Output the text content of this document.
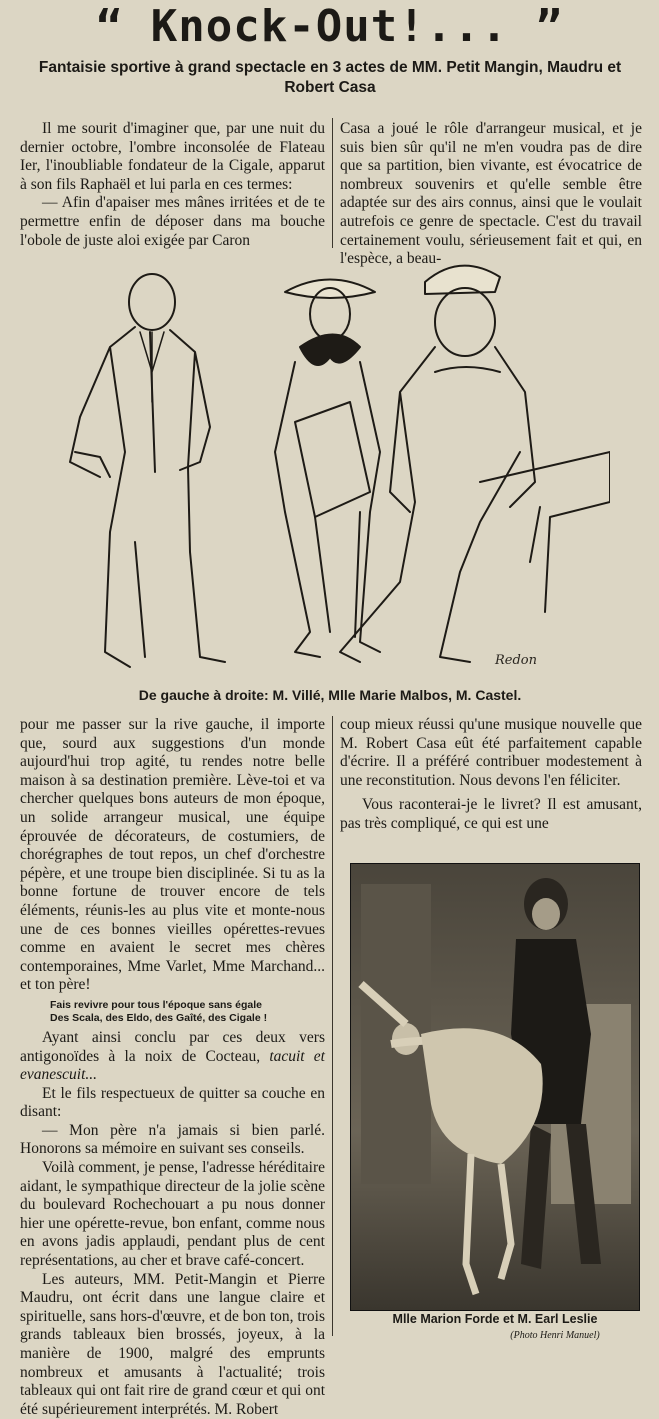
“ Knock-Out!... ”
Fantaisie sportive à grand spectacle en 3 actes de MM. Petit Mangin, Maudru et Robert Casa

Il me sourit d'imaginer que, par une nuit du dernier octobre, l'ombre inconsolée de Flateau Ier, l'inoubliable fondateur de la Cigale, apparut à son fils Raphaël et lui parla en ces termes:

— Afin d'apaiser mes mânes irritées et de te permettre enfin de déposer dans ma bouche l'obole de juste aloi exigée par Caron

Casa a joué le rôle d'arrangeur musical, et je suis bien sûr qu'il ne m'en voudra pas de dire que sa partition, bien vivante, est évocatrice de nombreux souvenirs et qu'elle semble être adaptée sur des airs connus, ainsi que le voulait autrefois ce genre de spectacle. C'est du travail certainement voulu, sérieusement fait et qui, en l'espèce, a beau-

Redon
De gauche à droite: M. Villé, Mlle Marie Malbos, M. Castel.

pour me passer sur la rive gauche, il importe que, sourd aux suggestions d'un monde aujourd'hui trop agité, tu rendes notre belle maison à sa destination première. Lève-toi et va chercher quelques bons auteurs de mon époque, un solide arrangeur musical, une équipe éprouvée de décorateurs, de costumiers, de chorégraphes de tout repos, un chef d'orchestre pépère, et une troupe bien disciplinée. Si tu as la bonne fortune de trouver encore de tels éléments, réunis-les au plus vite et monte-nous une de ces bonnes vieilles opérettes-revues comme en avaient le secret mes chères contemporaines, Mme Varlet, Mme Marchand... et ton père!

Fais revivre pour tous l'époque sans égale

Des Scala, des Eldo, des Gaîté, des Cigale !

Ayant ainsi conclu par ces deux vers antigonoïdes à la noix de Cocteau, tacuit et evanescuit...

Et le fils respectueux de quitter sa couche en disant:

— Mon père n'a jamais si bien parlé. Honorons sa mémoire en suivant ses conseils.

Voilà comment, je pense, l'adresse héréditaire aidant, le sympathique directeur de la jolie scène du boulevard Rochechouart a pu nous donner hier une opérette-revue, bon enfant, comme nous en avons jadis applaudi, pendant plus de cent représentations, au cher et brave café-concert.

Les auteurs, MM. Petit-Mangin et Pierre Maudru, ont écrit dans une langue claire et spirituelle, sans hors-d'œuvre, et de bon ton, trois grands tableaux bien brossés, joyeux, à la manière de 1900, malgré des emprunts nombreux et amusants à l'actualité; trois tableaux qui ont fait rire de grand cœur et qui ont été supérieurement interprétés. M. Robert

coup mieux réussi qu'une musique nouvelle que M. Robert Casa eût été parfaitement capable d'écrire. Il a préféré contribuer modestement à une reconstitution. Nous devons l'en féliciter.

Vous raconterai-je le livret? Il est amusant, pas très compliqué, ce qui est une

Mlle Marion Forde et M. Earl Leslie
(Photo Henri Manuel)
